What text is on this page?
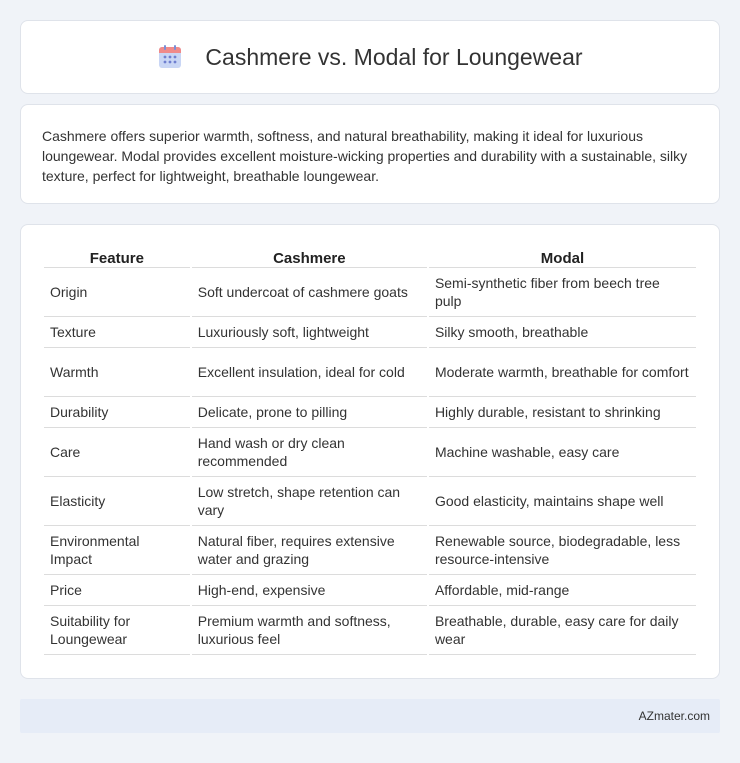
Cashmere vs. Modal for Loungewear

Cashmere offers superior warmth, softness, and natural breathability, making it ideal for luxurious loungewear. Modal provides excellent moisture-wicking properties and durability with a sustainable, silky texture, perfect for lightweight, breathable loungewear.

Feature	Cashmere	Modal
Origin	Soft undercoat of cashmere goats	Semi-synthetic fiber from beech tree pulp
Texture	Luxuriously soft, lightweight	Silky smooth, breathable
Warmth	Excellent insulation, ideal for cold	Moderate warmth, breathable for comfort
Durability	Delicate, prone to pilling	Highly durable, resistant to shrinking
Care	Hand wash or dry clean recommended	Machine washable, easy care
Elasticity	Low stretch, shape retention can vary	Good elasticity, maintains shape well
Environmental Impact	Natural fiber, requires extensive water and grazing	Renewable source, biodegradable, less resource-intensive
Price	High-end, expensive	Affordable, mid-range
Suitability for Loungewear	Premium warmth and softness, luxurious feel	Breathable, durable, easy care for daily wear
AZmater.com
